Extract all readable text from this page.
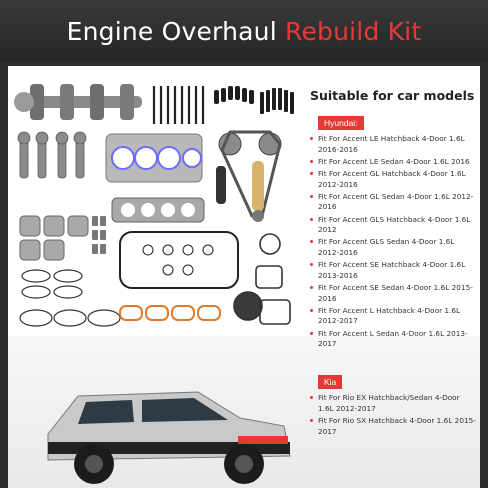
Engine Overhaul Rebuild Kit
Suitable for car models
Hyundai:
Fit For Accent LE Hatchback 4-Door 1.6L 2016-2016
Fit For Accent LE Sedan 4-Door 1.6L 2016
Fit For Accent GL Hatchback 4-Door 1.6L 2012-2016
Fit For Accent GL Sedan 4-Door 1.6L 2012-2016
Fit For Accent GLS Hatchback 4-Door 1.6L 2012
Fit For Accent GLS Sedan 4-Door 1.6L 2012-2016
Fit For Accent SE Hatchback 4-Door 1.6L 2013-2016
Fit For Accent SE Sedan 4-Door 1.6L 2015-2016
Fit For Accent L Hatchback 4-Door 1.6L 2012-2017
Fit For Accent L Sedan 4-Door 1.6L 2013-2017
Kia
Fit For Rio EX Hatchback/Sedan 4-Door 1.6L 2012-2017
Fit For Rio SX Hatchback 4-Door 1.6L 2015-2017
